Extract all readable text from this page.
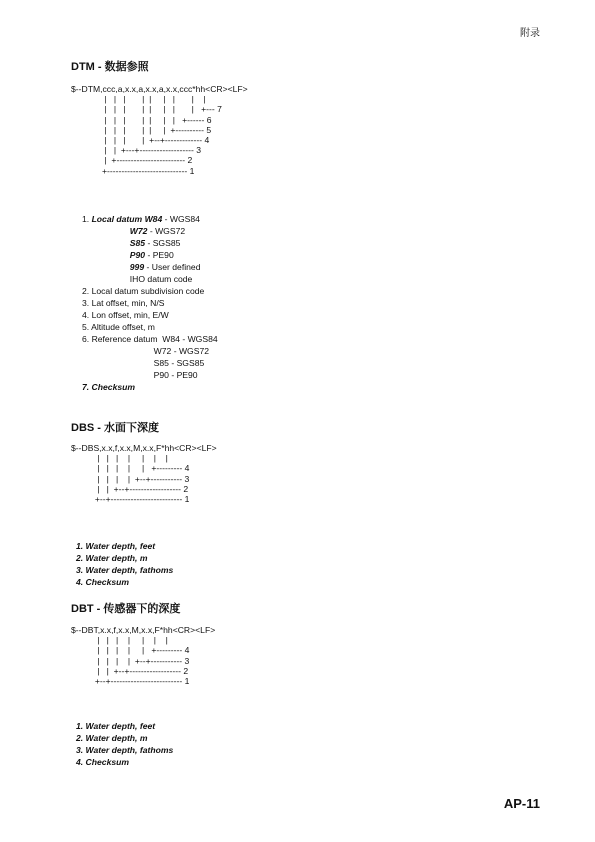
附录
DTM - 数据参照
$--DTM,ccc,a,x.x,a,x.x,a,x.x,ccc*hh<CR><LF>
|   |   |       |  |     |   |       |    |
|   |   |       |  |     |   |       |   +--- 7
|   |   |       |  |     |   |   +------ 6
|   |   |       |  |     |  +---------- 5
|   |   |       |  +--+------------- 4
|   |  +---+------------------- 3
|  +------------------------ 2
+---------------------------- 1
1. Local datum W84 - WGS84
W72 - WGS72
S85 - SGS85
P90 - PE90
999 - User defined
IHO datum code
2. Local datum subdivision code
3. Lat offset, min, N/S
4. Lon offset, min, E/W
5. Altitude offset, m
6. Reference datum  W84 - WGS84
W72 - WGS72
S85 - SGS85
P90 - PE90
7. Checksum
DBS - 水面下深度
$--DBS,x.x,f,x.x,M,x.x,F*hh<CR><LF>
|   |   |    |     |    |    |
|   |   |    |     |   +--------- 4
|   |   |    |  +--+----------- 3
|   |  +--+------------------ 2
+--+------------------------- 1
1. Water depth, feet
2. Water depth, m
3. Water depth, fathoms
4. Checksum
DBT - 传感器下的深度
$--DBT,x.x,f,x.x,M,x.x,F*hh<CR><LF>
|   |   |    |     |    |    |
|   |   |    |     |   +--------- 4
|   |   |    |  +--+----------- 3
|   |  +--+------------------ 2
+--+------------------------- 1
1. Water depth, feet
2. Water depth, m
3. Water depth, fathoms
4. Checksum
AP-11
